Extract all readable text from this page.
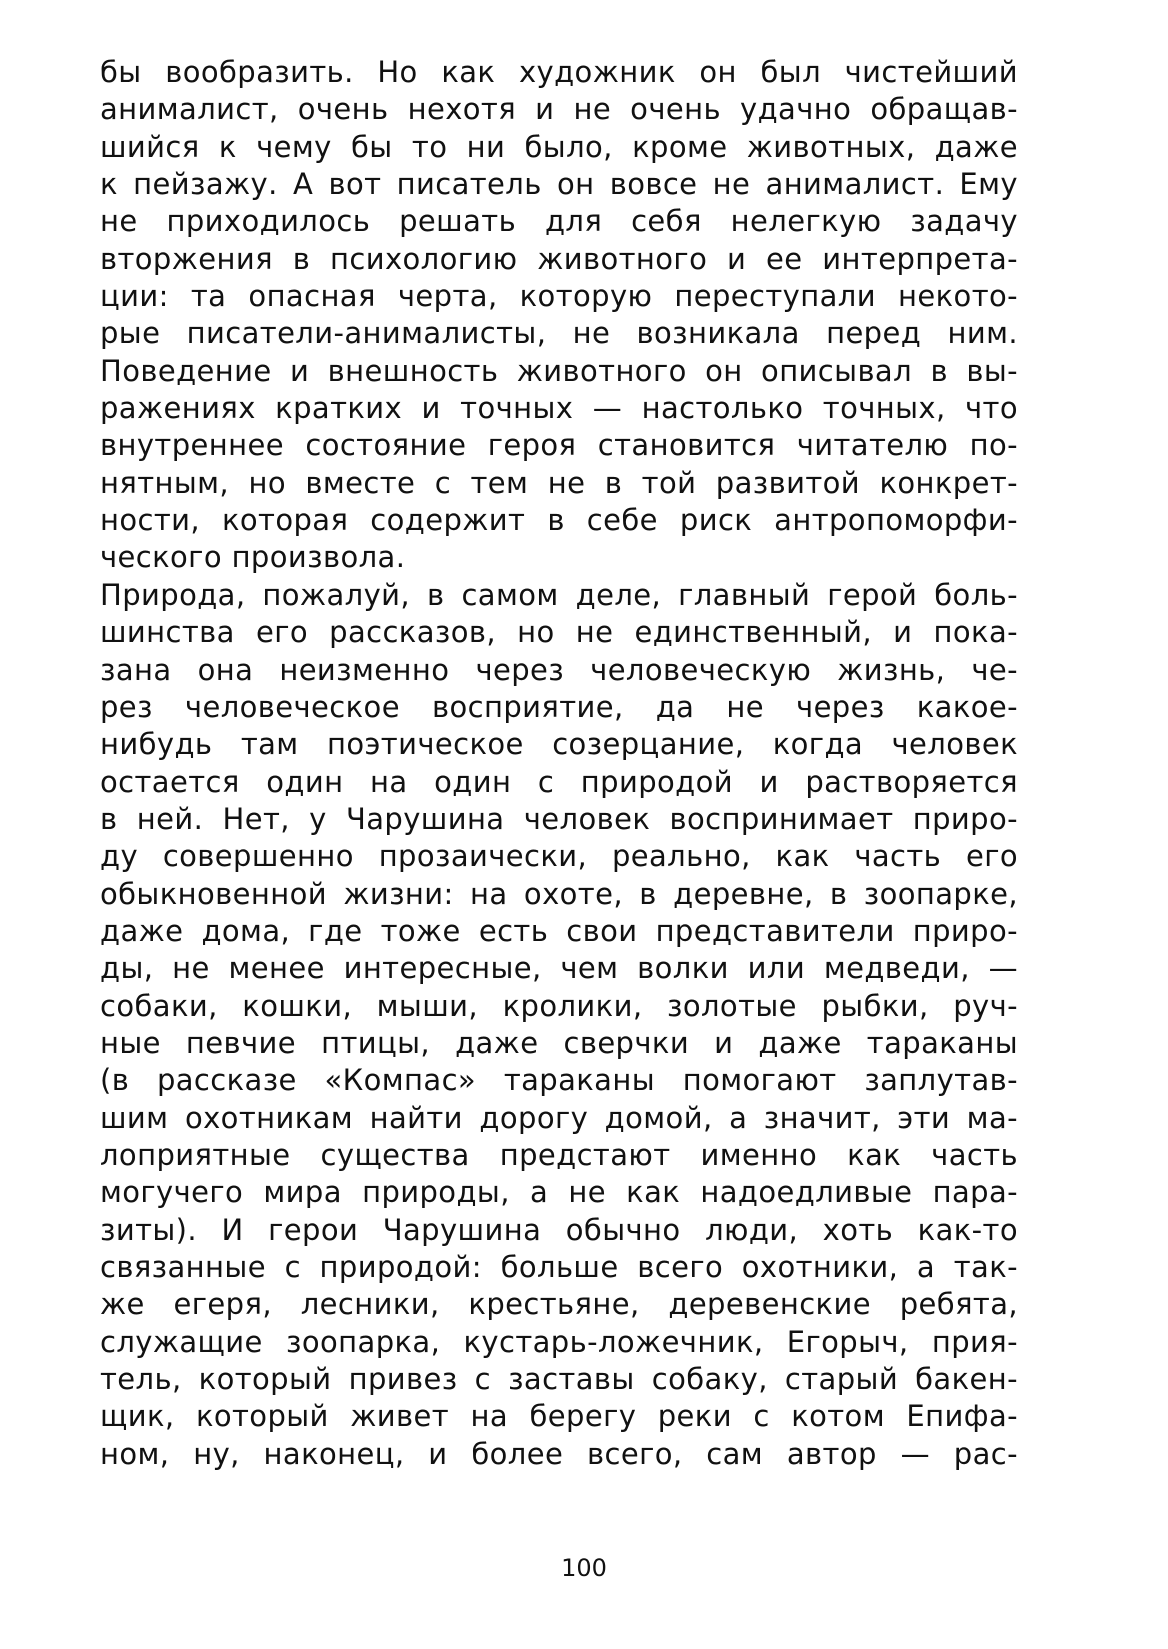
бы вообразить. Но как художник он был чистейший
анималист, очень нехотя и не очень удачно обращав-
шийся к чему бы то ни было, кроме животных, даже
к пейзажу. А вот писатель он вовсе не анималист. Ему
не приходилось решать для себя нелегкую задачу
вторжения в психологию животного и ее интерпрета-
ции: та опасная черта, которую переступали некото-
рые писатели-анималисты, не возникала перед ним.
Поведение и внешность животного он описывал в вы-
ражениях кратких и точных — настолько точных, что
внутреннее состояние героя становится читателю по-
нятным, но вместе с тем не в той развитой конкрет-
ности, которая содержит в себе риск антропоморфи-
ческого произвола.
Природа, пожалуй, в самом деле, главный герой боль-
шинства его рассказов, но не единственный, и пока-
зана она неизменно через человеческую жизнь, че-
рез человеческое восприятие, да не через какое-
нибудь там поэтическое созерцание, когда человек
остается один на один с природой и растворяется
в ней. Нет, у Чарушина человек воспринимает приро-
ду совершенно прозаически, реально, как часть его
обыкновенной жизни: на охоте, в деревне, в зоопарке,
даже дома, где тоже есть свои представители приро-
ды, не менее интересные, чем волки или медведи, —
собаки, кошки, мыши, кролики, золотые рыбки, руч-
ные певчие птицы, даже сверчки и даже тараканы
(в рассказе «Компас» тараканы помогают заплутав-
шим охотникам найти дорогу домой, а значит, эти ма-
лоприятные существа предстают именно как часть
могучего мира природы, а не как надоедливые пара-
зиты). И герои Чарушина обычно люди, хоть как-то
связанные с природой: больше всего охотники, а так-
же егеря, лесники, крестьяне, деревенские ребята,
служащие зоопарка, кустарь-ложечник, Егорыч, прия-
тель, который привез с заставы собаку, старый бакен-
щик, который живет на берегу реки с котом Епифа-
ном, ну, наконец, и более всего, сам автор — рас-
100
